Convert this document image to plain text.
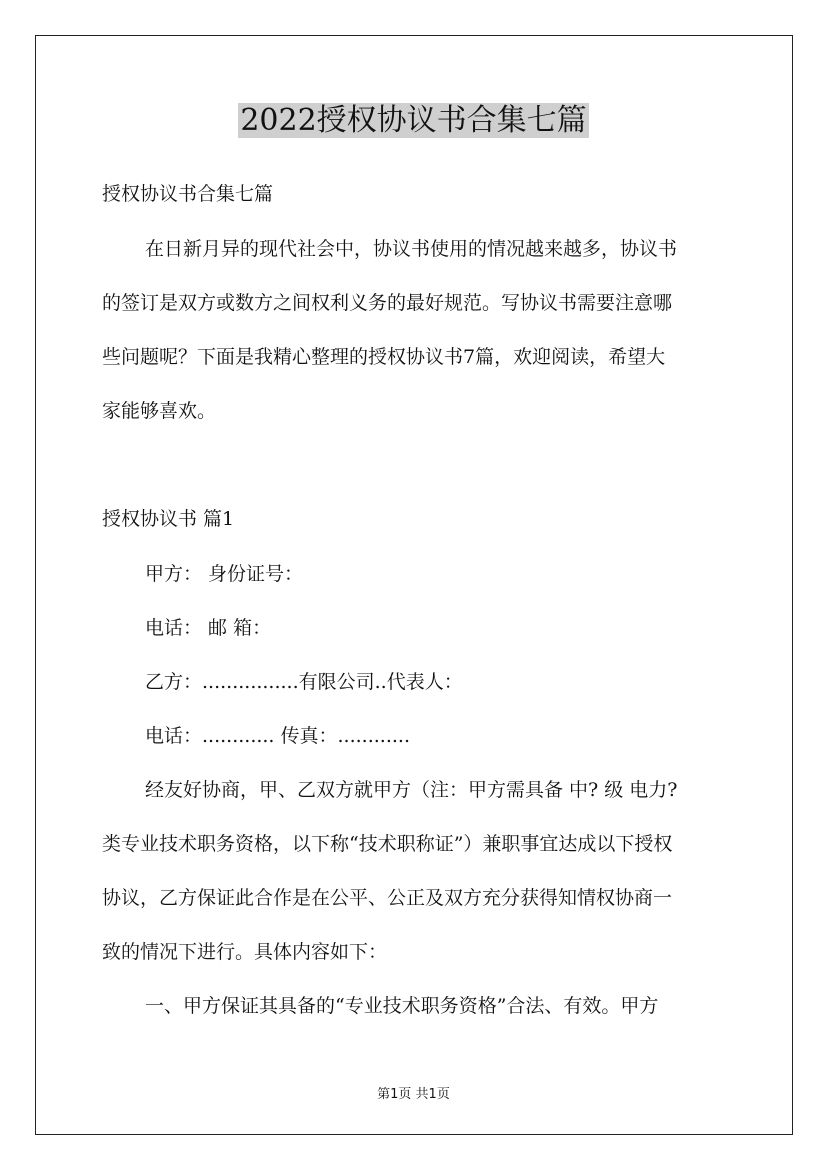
2022授权协议书合集七篇

授权协议书合集七篇

在日新月异的现代社会中，协议书使用的情况越来越多，协议书

的签订是双方或数方之间权利义务的最好规范。写协议书需要注意哪

些问题呢？下面是我精心整理的授权协议书7篇，欢迎阅读，希望大

家能够喜欢。

授权协议书 篇1

甲方： 身份证号：

电话： 邮 箱：

乙方：................有限公司..代表人：

电话：............ 传真：............

经友好协商，甲、乙双方就甲方（注：甲方需具备 中? 级 电力?

类专业技术职务资格，以下称“技术职称证”）兼职事宜达成以下授权

协议，乙方保证此合作是在公平、公正及双方充分获得知情权协商一

致的情况下进行。具体内容如下：

一、甲方保证其具备的“专业技术职务资格”合法、有效。甲方

第1页 共1页
